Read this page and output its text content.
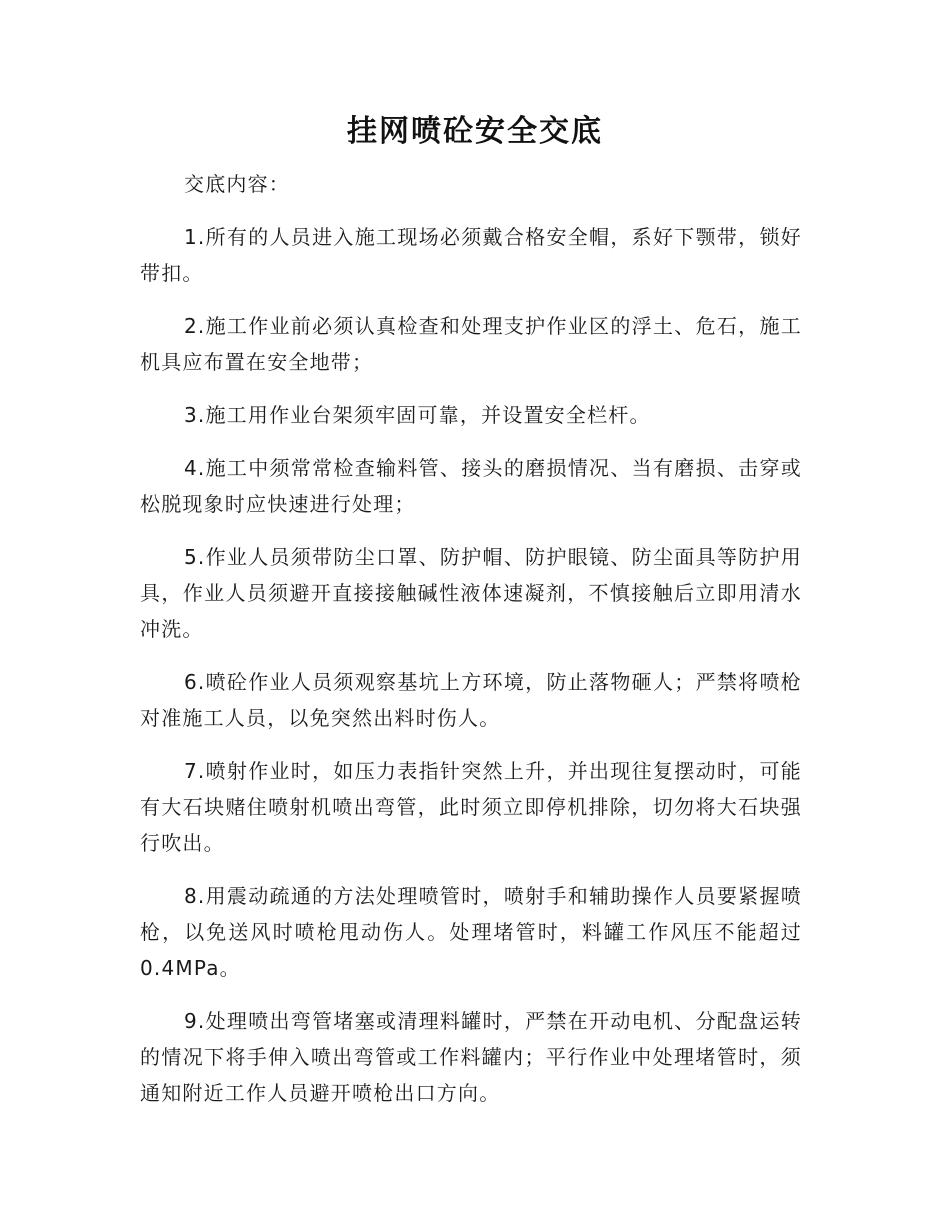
挂网喷砼安全交底

交底内容：

1.所有的人员进入施工现场必须戴合格安全帽，系好下颚带，锁好带扣。

2.施工作业前必须认真检查和处理支护作业区的浮土、危石，施工机具应布置在安全地带；

3.施工用作业台架须牢固可靠，并设置安全栏杆。

4.施工中须常常检查输料管、接头的磨损情况、当有磨损、击穿或松脱现象时应快速进行处理；

5.作业人员须带防尘口罩、防护帽、防护眼镜、防尘面具等防护用具，作业人员须避开直接接触碱性液体速凝剂，不慎接触后立即用清水冲洗。

6.喷砼作业人员须观察基坑上方环境，防止落物砸人；严禁将喷枪对准施工人员，以免突然出料时伤人。

7.喷射作业时，如压力表指针突然上升，并出现往复摆动时，可能有大石块赌住喷射机喷出弯管，此时须立即停机排除，切勿将大石块强行吹出。

8.用震动疏通的方法处理喷管时，喷射手和辅助操作人员要紧握喷枪，以免送风时喷枪甩动伤人。处理堵管时，料罐工作风压不能超过0.4MPa。

9.处理喷出弯管堵塞或清理料罐时，严禁在开动电机、分配盘运转的情况下将手伸入喷出弯管或工作料罐内；平行作业中处理堵管时，须通知附近工作人员避开喷枪出口方向。
